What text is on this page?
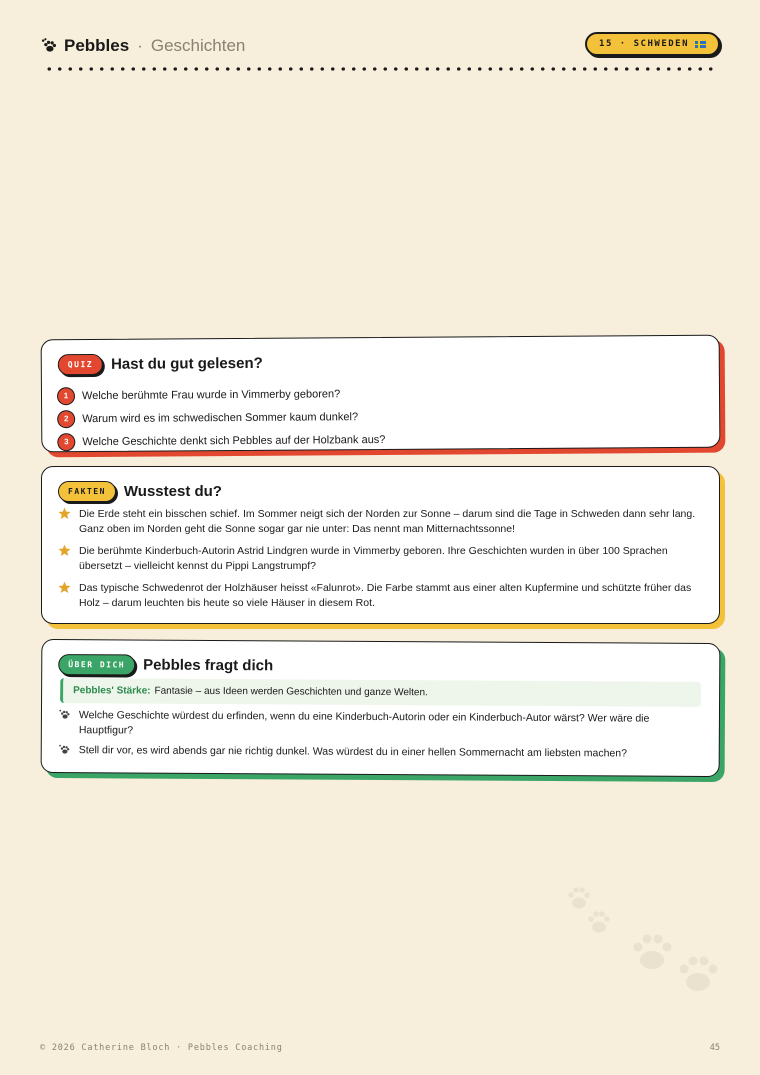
Pebbles · Geschichten	15 · SCHWEDEN
QUIZ	Hast du gut gelesen?
1	Welche berühmte Frau wurde in Vimmerby geboren?
2	Warum wird es im schwedischen Sommer kaum dunkel?
3	Welche Geschichte denkt sich Pebbles auf der Holzbank aus?
FAKTEN	Wusstest du?
Die Erde steht ein bisschen schief. Im Sommer neigt sich der Norden zur Sonne – darum sind die Tage in Schweden dann sehr lang. Ganz oben im Norden geht die Sonne sogar gar nie unter: Das nennt man Mitternachtssonne!
Die berühmte Kinderbuch-Autorin Astrid Lindgren wurde in Vimmerby geboren. Ihre Geschichten wurden in über 100 Sprachen übersetzt – vielleicht kennst du Pippi Langstrumpf?
Das typische Schwedenrot der Holzhäuser heisst «Falunrot». Die Farbe stammt aus einer alten Kupfermine und schützte früher das Holz – darum leuchten bis heute so viele Häuser in diesem Rot.
ÜBER DICH	Pebbles fragt dich
Pebbles' Stärke: Fantasie – aus Ideen werden Geschichten und ganze Welten.
Welche Geschichte würdest du erfinden, wenn du eine Kinderbuch-Autorin oder ein Kinderbuch-Autor wärst? Wer wäre die Hauptfigur?
Stell dir vor, es wird abends gar nie richtig dunkel. Was würdest du in einer hellen Sommernacht am liebsten machen?
© 2026 Catherine Bloch · Pebbles Coaching	45
